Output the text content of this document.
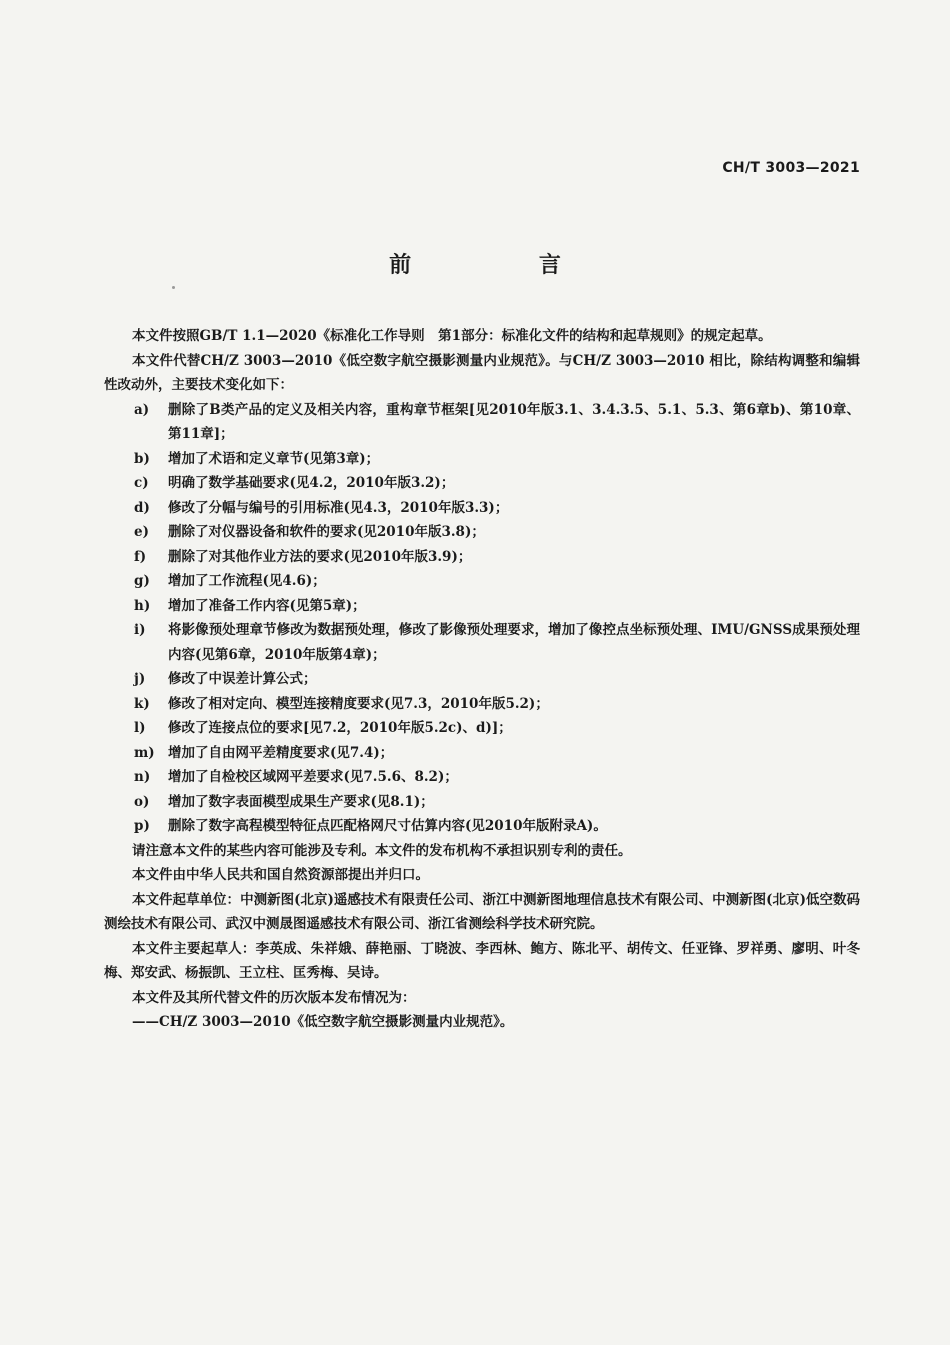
CH/T 3003—2021
前 言

本文件按照GB/T 1.1—2020《标准化工作导则　第1部分：标准化文件的结构和起草规则》的规定起草。

本文件代替CH/Z 3003—2010《低空数字航空摄影测量内业规范》。与CH/Z 3003—2010 相比，除结构调整和编辑性改动外，主要技术变化如下：

a)	删除了B类产品的定义及相关内容，重构章节框架[见2010年版3.1、3.4.3.5、5.1、5.3、第6章b)、第10章、第11章]；
b)	增加了术语和定义章节(见第3章)；
c)	明确了数学基础要求(见4.2，2010年版3.2)；
d)	修改了分幅与编号的引用标准(见4.3，2010年版3.3)；
e)	删除了对仪器设备和软件的要求(见2010年版3.8)；
f)	删除了对其他作业方法的要求(见2010年版3.9)；
g)	增加了工作流程(见4.6)；
h)	增加了准备工作内容(见第5章)；
i)	将影像预处理章节修改为数据预处理，修改了影像预处理要求，增加了像控点坐标预处理、IMU/GNSS成果预处理内容(见第6章，2010年版第4章)；
j)	修改了中误差计算公式；
k)	修改了相对定向、模型连接精度要求(见7.3，2010年版5.2)；
l)	修改了连接点位的要求[见7.2，2010年版5.2c)、d)]；
m) 增加了自由网平差精度要求(见7.4)；
n)	增加了自检校区域网平差要求(见7.5.6、8.2)；
o)	增加了数字表面模型成果生产要求(见8.1)；
p)	删除了数字高程模型特征点匹配格网尺寸估算内容(见2010年版附录A)。

请注意本文件的某些内容可能涉及专利。本文件的发布机构不承担识别专利的责任。

本文件由中华人民共和国自然资源部提出并归口。

本文件起草单位：中测新图(北京)遥感技术有限责任公司、浙江中测新图地理信息技术有限公司、中测新图(北京)低空数码测绘技术有限公司、武汉中测晟图遥感技术有限公司、浙江省测绘科学技术研究院。

本文件主要起草人：李英成、朱祥娥、薛艳丽、丁晓波、李西林、鲍方、陈北平、胡传文、任亚锋、罗祥勇、廖明、叶冬梅、郑安武、杨振凯、王立柱、匡秀梅、吴诗。

本文件及其所代替文件的历次版本发布情况为：

——CH/Z 3003—2010《低空数字航空摄影测量内业规范》。
